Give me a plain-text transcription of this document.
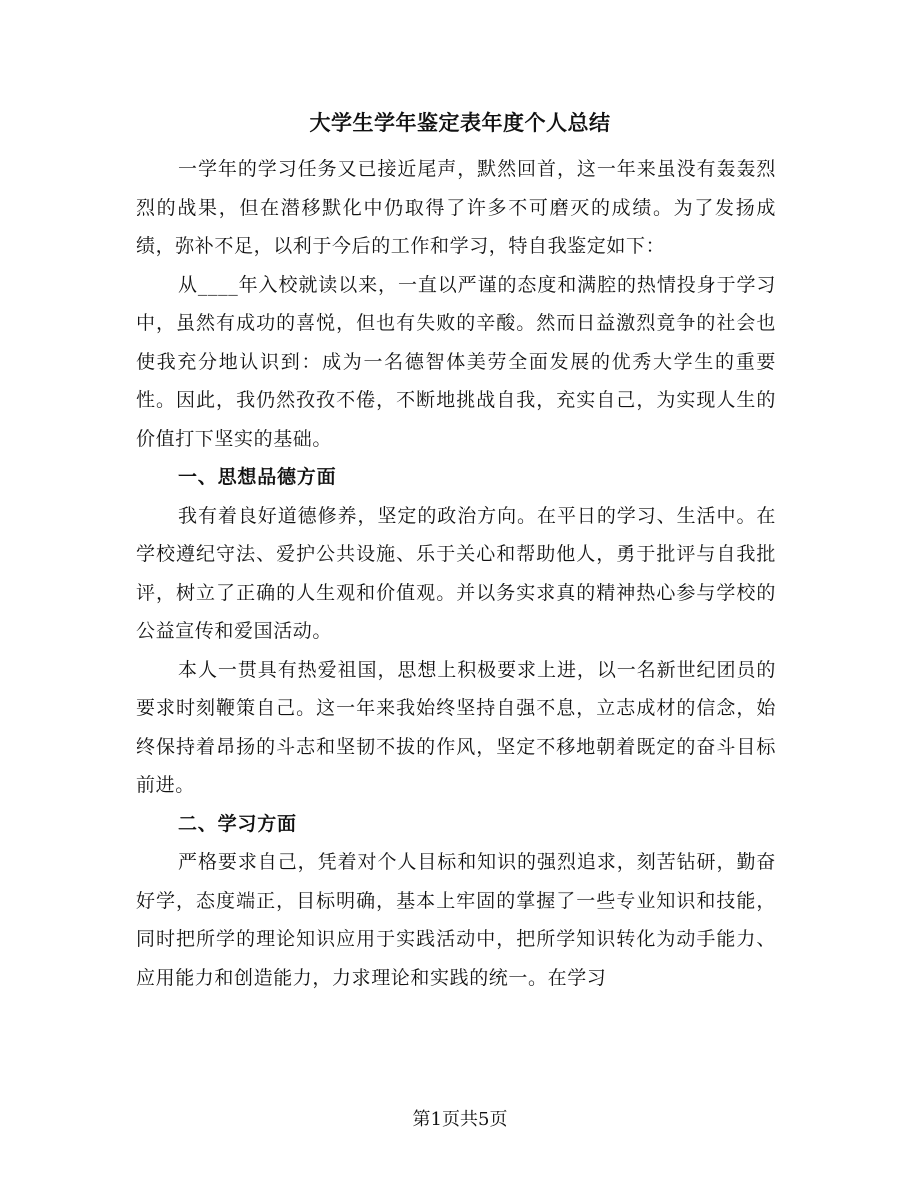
大学生学年鉴定表年度个人总结

一学年的学习任务又已接近尾声，默然回首，这一年来虽没有轰轰烈烈的战果，但在潜移默化中仍取得了许多不可磨灭的成绩。为了发扬成绩，弥补不足，以利于今后的工作和学习，特自我鉴定如下：

从____年入校就读以来，一直以严谨的态度和满腔的热情投身于学习中，虽然有成功的喜悦，但也有失败的辛酸。然而日益激烈竟争的社会也使我充分地认识到：成为一名德智体美劳全面发展的优秀大学生的重要性。因此，我仍然孜孜不倦，不断地挑战自我，充实自己，为实现人生的价值打下坚实的基础。

一、思想品德方面

我有着良好道德修养，坚定的政治方向。在平日的学习、生活中。在学校遵纪守法、爱护公共设施、乐于关心和帮助他人，勇于批评与自我批评，树立了正确的人生观和价值观。并以务实求真的精神热心参与学校的公益宣传和爱国活动。

本人一贯具有热爱祖国，思想上积极要求上进，以一名新世纪团员的要求时刻鞭策自己。这一年来我始终坚持自强不息，立志成材的信念，始终保持着昂扬的斗志和坚韧不拔的作风，坚定不移地朝着既定的奋斗目标前进。

二、学习方面

严格要求自己，凭着对个人目标和知识的强烈追求，刻苦钻研，勤奋好学，态度端正，目标明确，基本上牢固的掌握了一些专业知识和技能，同时把所学的理论知识应用于实践活动中，把所学知识转化为动手能力、应用能力和创造能力，力求理论和实践的统一。在学习

第1页共5页
